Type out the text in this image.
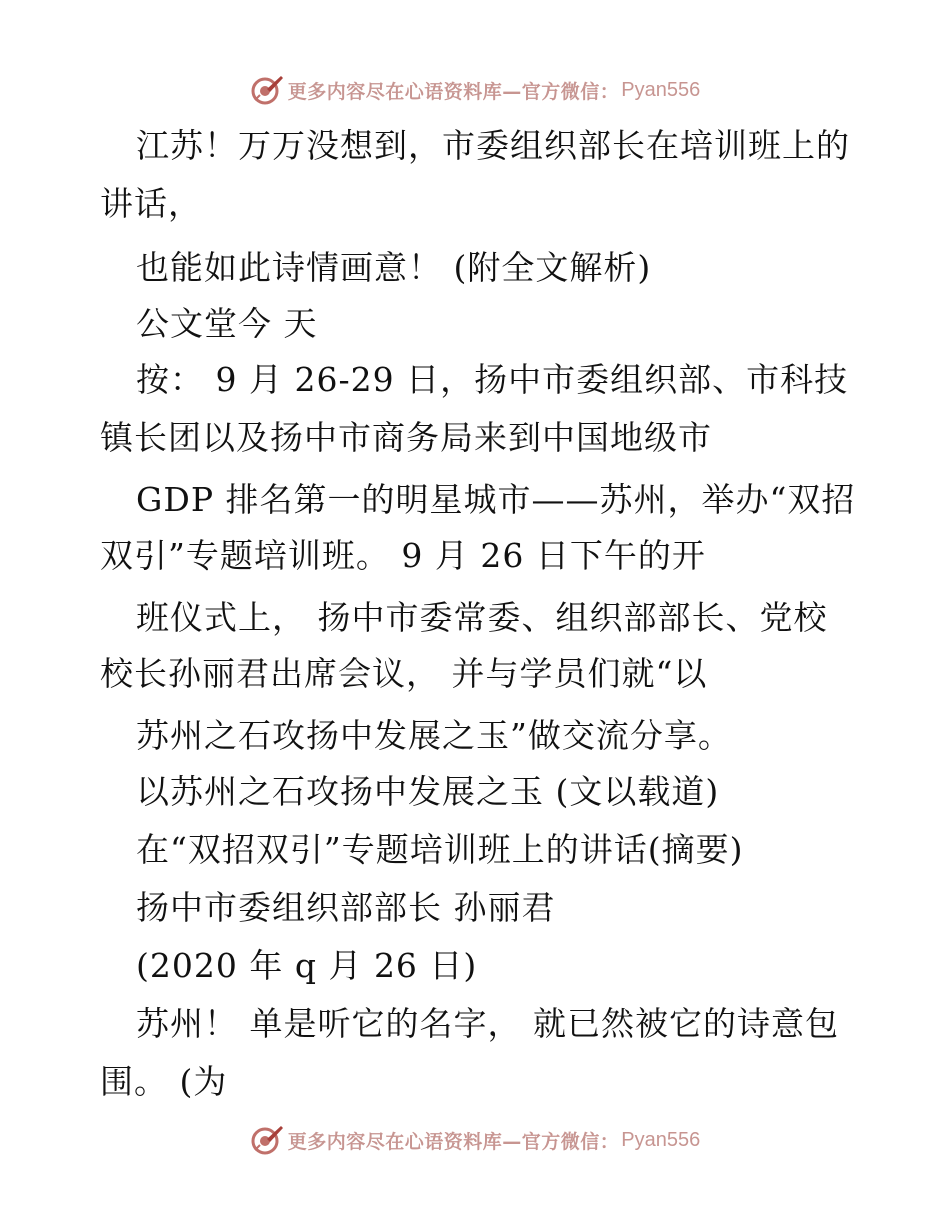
更多内容尽在心语资料库—官方微信： Pyan556
江苏！万万没想到，市委组织部长在培训班上的
讲话，
也能如此诗情画意！ (附全文解析)
公文堂今 天
按： 9 月 26-29 日，扬中市委组织部、市科技
镇长团以及扬中市商务局来到中国地级市
GDP 排名第一的明星城市——苏州，举办“双招
双引”专题培训班。 9 月 26 日下午的开
班仪式上， 扬中市委常委、组织部部长、党校
校长孙丽君出席会议， 并与学员们就“以
苏州之石攻扬中发展之玉”做交流分享。
以苏州之石攻扬中发展之玉 (文以载道)
在“双招双引”专题培训班上的讲话(摘要)
扬中市委组织部部长 孙丽君
(2020 年 q 月 26 日)
苏州！ 单是听它的名字， 就已然被它的诗意包
围。 (为
更多内容尽在心语资料库—官方微信： Pyan556
